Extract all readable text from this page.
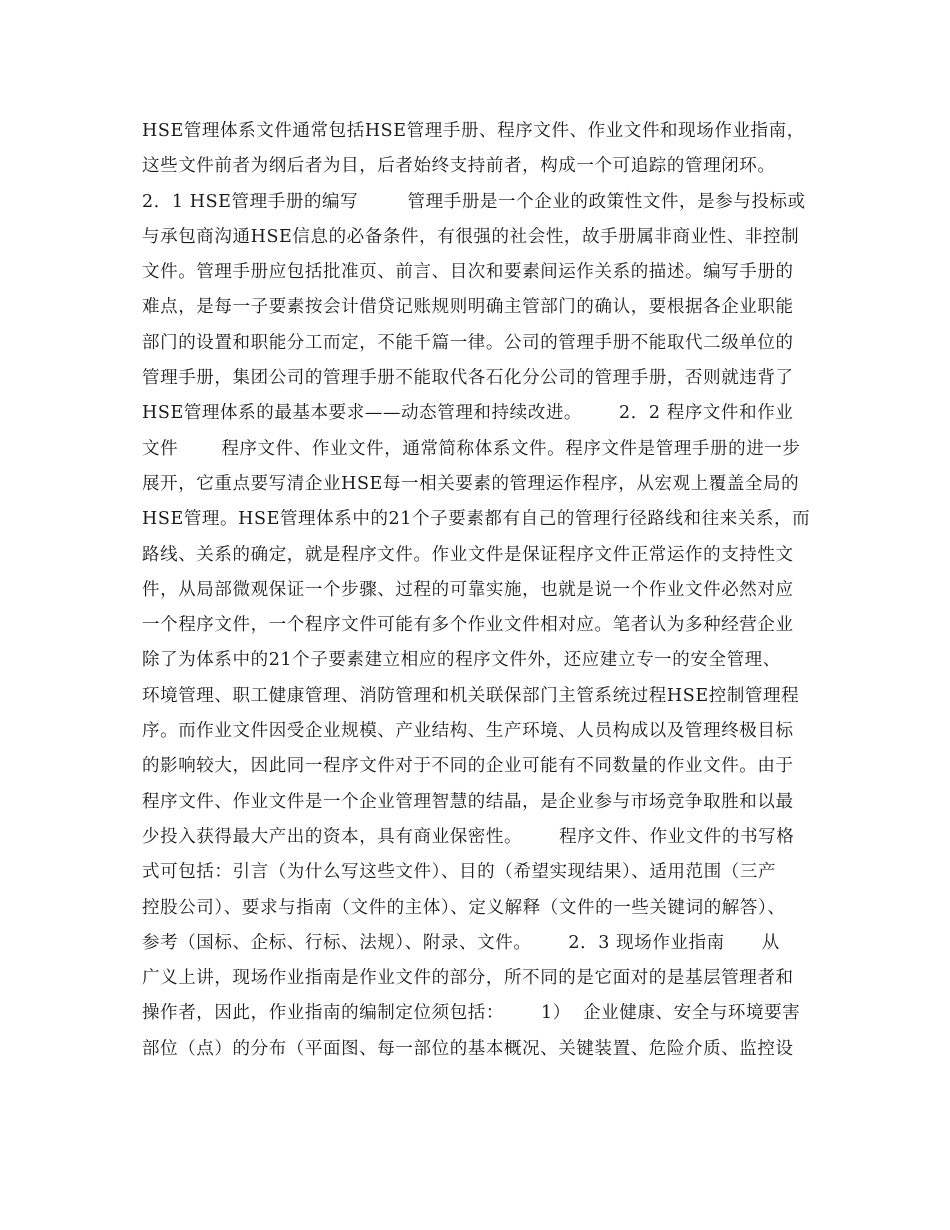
HSE管理体系文件通常包括HSE管理手册、程序文件、作业文件和现场作业指南，
这些文件前者为纲后者为目，后者始终支持前者，构成一个可追踪的管理闭环。
2．1 HSE管理手册的编写        管理手册是一个企业的政策性文件，是参与投标或
与承包商沟通HSE信息的必备条件，有很强的社会性，故手册属非商业性、非控制
文件。管理手册应包括批准页、前言、目次和要素间运作关系的描述。编写手册的
难点，是每一子要素按会计借贷记账规则明确主管部门的确认，要根据各企业职能
部门的设置和职能分工而定，不能千篇一律。公司的管理手册不能取代二级单位的
管理手册，集团公司的管理手册不能取代各石化分公司的管理手册，否则就违背了
HSE管理体系的最基本要求——动态管理和持续改进。      2．2 程序文件和作业
文件       程序文件、作业文件，通常简称体系文件。程序文件是管理手册的进一步
展开，它重点要写清企业HSE每一相关要素的管理运作程序，从宏观上覆盖全局的
HSE管理。HSE管理体系中的21个子要素都有自己的管理行径路线和往来关系，而
路线、关系的确定，就是程序文件。作业文件是保证程序文件正常运作的支持性文
件，从局部微观保证一个步骤、过程的可靠实施，也就是说一个作业文件必然对应
一个程序文件，一个程序文件可能有多个作业文件相对应。笔者认为多种经营企业
除了为体系中的21个子要素建立相应的程序文件外，还应建立专一的安全管理、
环境管理、职工健康管理、消防管理和机关联保部门主管系统过程HSE控制管理程
序。而作业文件因受企业规模、产业结构、生产环境、人员构成以及管理终极目标
的影响较大，因此同一程序文件对于不同的企业可能有不同数量的作业文件。由于
程序文件、作业文件是一个企业管理智慧的结晶，是企业参与市场竞争取胜和以最
少投入获得最大产出的资本，具有商业保密性。      程序文件、作业文件的书写格
式可包括：引言（为什么写这些文件）、目的（希望实现结果）、适用范围（三产
控股公司）、要求与指南（文件的主体）、定义解释（文件的一些关键词的解答）、
参考（国标、企标、行标、法规）、附录、文件。      2．3 现场作业指南      从
广义上讲，现场作业指南是作业文件的部分，所不同的是它面对的是基层管理者和
操作者，因此，作业指南的编制定位须包括：      1）  企业健康、安全与环境要害
部位（点）的分布（平面图、每一部位的基本概况、关键装置、危险介质、监控设
